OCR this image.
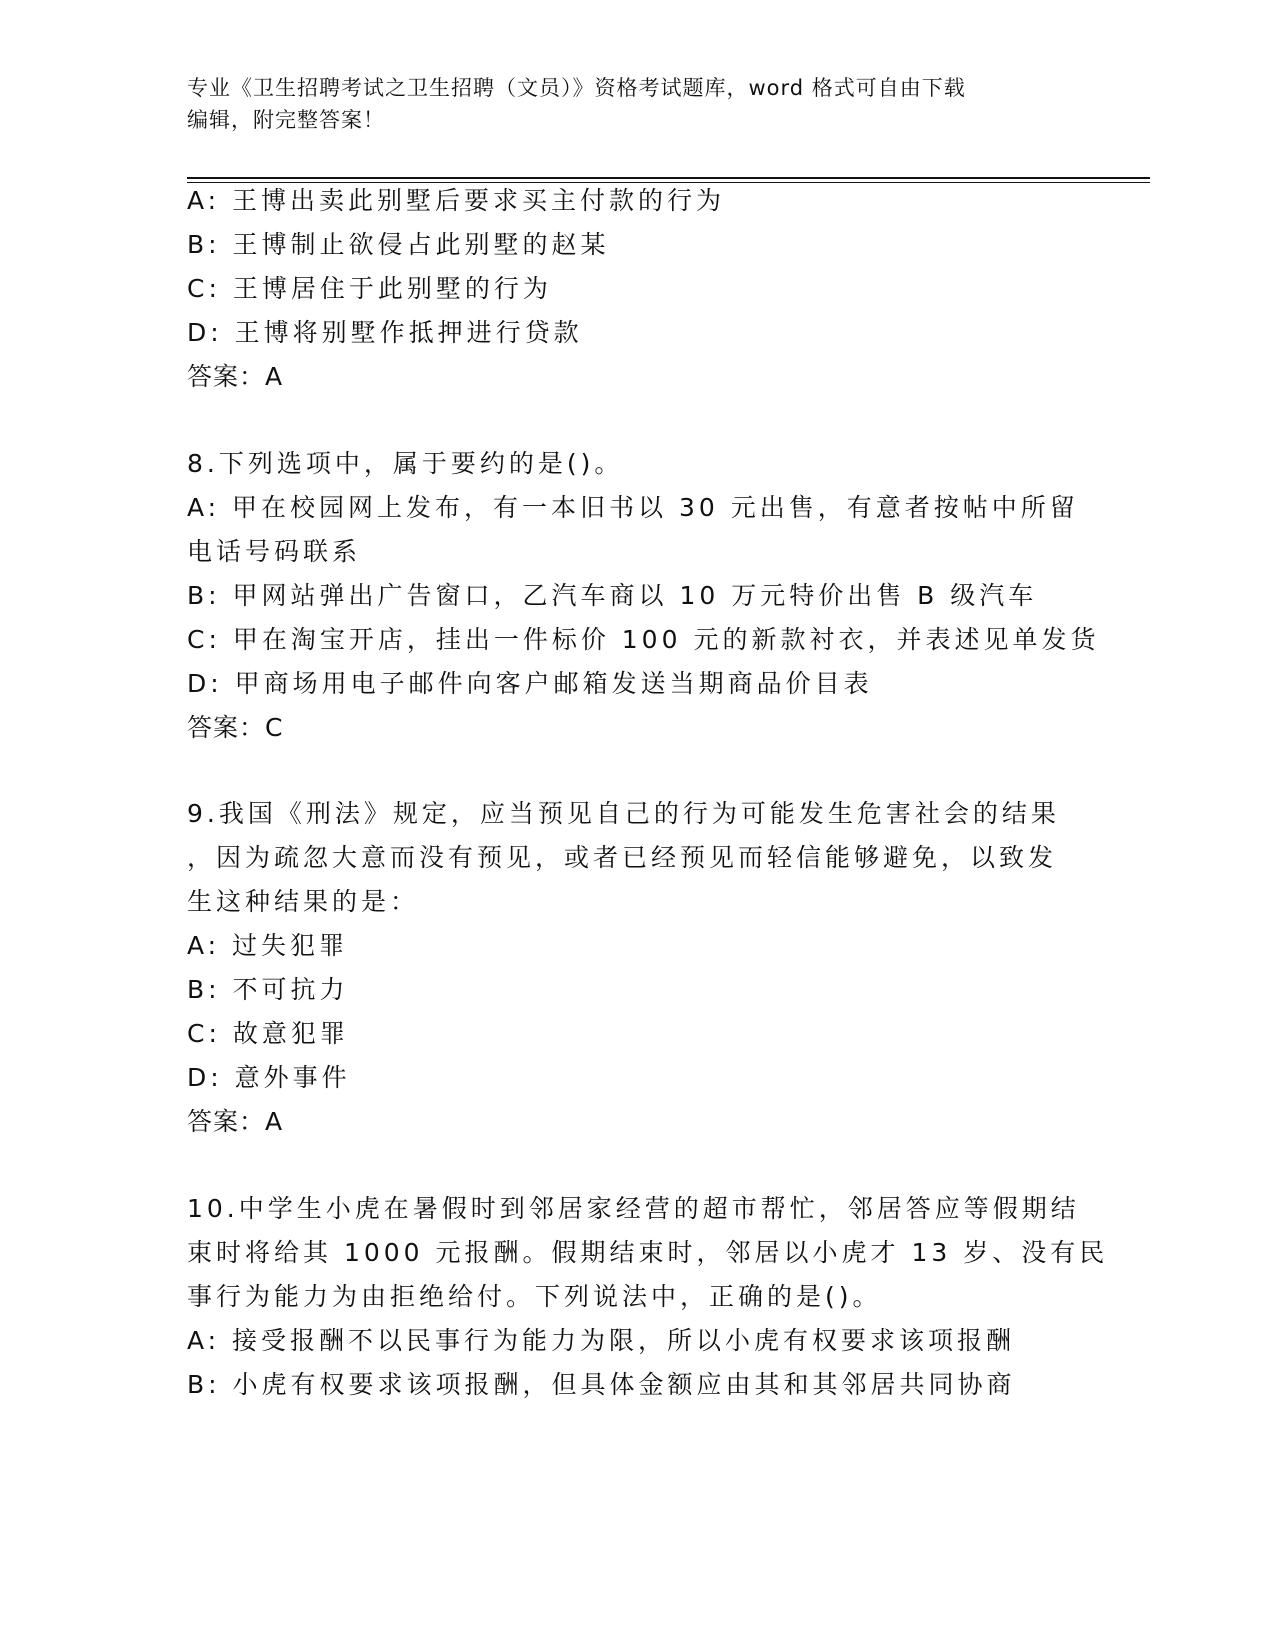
专业《卫生招聘考试之卫生招聘（文员）》资格考试题库，word 格式可自由下载
编辑，附完整答案！
A: 王博出卖此别墅后要求买主付款的行为
B: 王博制止欲侵占此别墅的赵某
C: 王博居住于此别墅的行为
D: 王博将别墅作抵押进行贷款
答案：A
8.下列选项中，属于要约的是()。
A: 甲在校园网上发布，有一本旧书以 30 元出售，有意者按帖中所留
电话号码联系
B: 甲网站弹出广告窗口，乙汽车商以 10 万元特价出售 B 级汽车
C: 甲在淘宝开店，挂出一件标价 100 元的新款衬衣，并表述见单发货
D: 甲商场用电子邮件向客户邮箱发送当期商品价目表
答案：C
9.我国《刑法》规定，应当预见自己的行为可能发生危害社会的结果
，因为疏忽大意而没有预见，或者已经预见而轻信能够避免，以致发
生这种结果的是：
A: 过失犯罪
B: 不可抗力
C: 故意犯罪
D: 意外事件
答案：A
10.中学生小虎在暑假时到邻居家经营的超市帮忙，邻居答应等假期结
束时将给其 1000 元报酬。假期结束时，邻居以小虎才 13 岁、没有民
事行为能力为由拒绝给付。下列说法中，正确的是()。
A: 接受报酬不以民事行为能力为限，所以小虎有权要求该项报酬
B: 小虎有权要求该项报酬，但具体金额应由其和其邻居共同协商
